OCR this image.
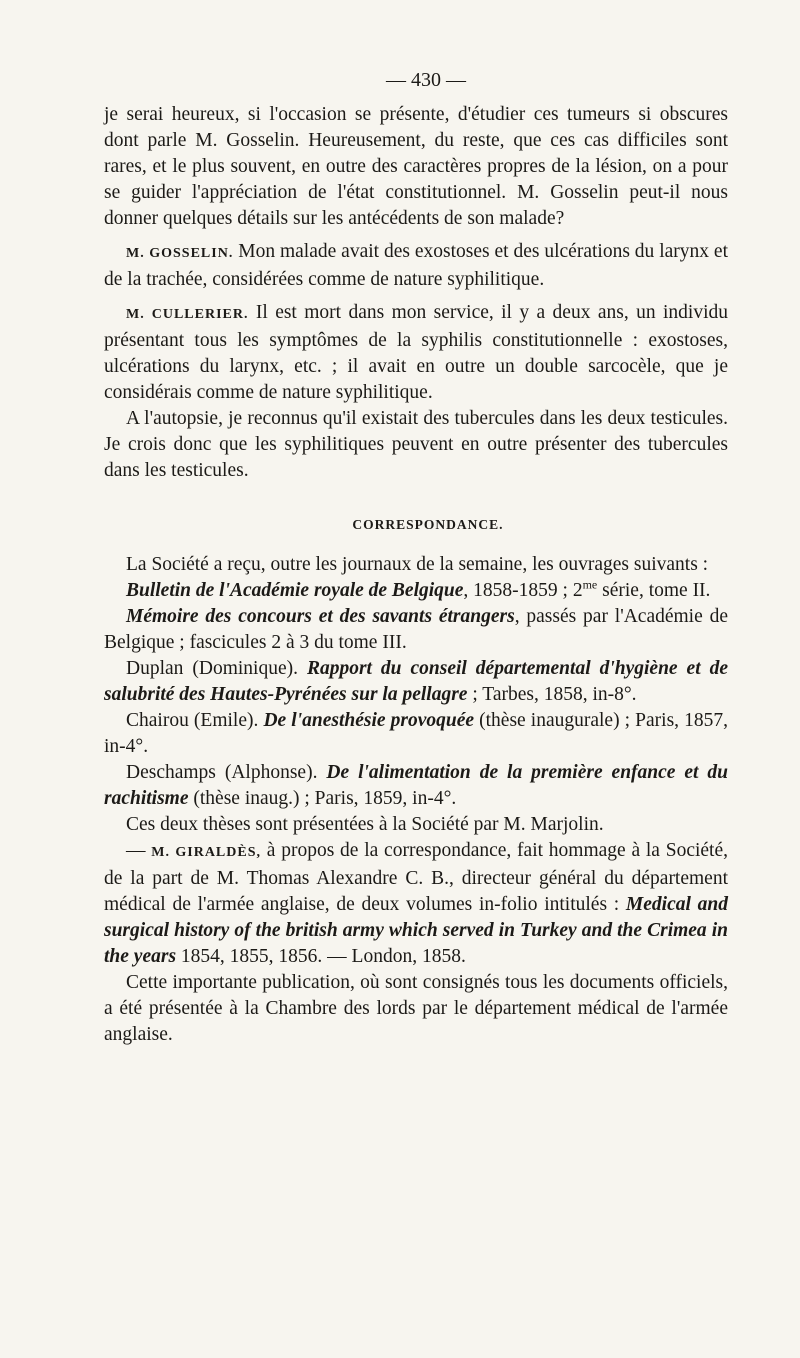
— 430 —

je serai heureux, si l'occasion se présente, d'étudier ces tumeurs si obscures dont parle M. Gosselin. Heureusement, du reste, que ces cas difficiles sont rares, et le plus souvent, en outre des caractères propres de la lésion, on a pour se guider l'appréciation de l'état constitutionnel. M. Gosselin peut-il nous donner quelques détails sur les antécédents de son malade?

M. GOSSELIN. Mon malade avait des exostoses et des ulcérations du larynx et de la trachée, considérées comme de nature syphilitique.

M. CULLERIER. Il est mort dans mon service, il y a deux ans, un individu présentant tous les symptômes de la syphilis constitutionnelle : exostoses, ulcérations du larynx, etc. ; il avait en outre un double sarcocèle, que je considérais comme de nature syphilitique.

A l'autopsie, je reconnus qu'il existait des tubercules dans les deux testicules. Je crois donc que les syphilitiques peuvent en outre présenter des tubercules dans les testicules.

CORRESPONDANCE.

La Société a reçu, outre les journaux de la semaine, les ouvrages suivants :

Bulletin de l'Académie royale de Belgique, 1858-1859 ; $2^{me}$ série, tome II.

Mémoire des concours et des savants étrangers, passés par l'Académie de Belgique ; fascicules 2 à 3 du tome III.

Duplan (Dominique). Rapport du conseil départemental d'hygiène et de salubrité des Hautes-Pyrénées sur la pellagre ; Tarbes, 1858, in-8°.

Chairou (Emile). De l'anesthésie provoquée (thèse inaugurale) ; Paris, 1857, in-4°.

Deschamps (Alphonse). De l'alimentation de la première enfance et du rachitisme (thèse inaug.) ; Paris, 1859, in-4°.

Ces deux thèses sont présentées à la Société par M. Marjolin.

— M. GIRALDÈS, à propos de la correspondance, fait hommage à la Société, de la part de M. Thomas Alexandre C. B., directeur général du département médical de l'armée anglaise, de deux volumes in-folio intitulés : Medical and surgical history of the british army which served in Turkey and the Crimea in the years 1854, 1855, 1856. — London, 1858.

Cette importante publication, où sont consignés tous les documents officiels, a été présentée à la Chambre des lords par le département médical de l'armée anglaise.
